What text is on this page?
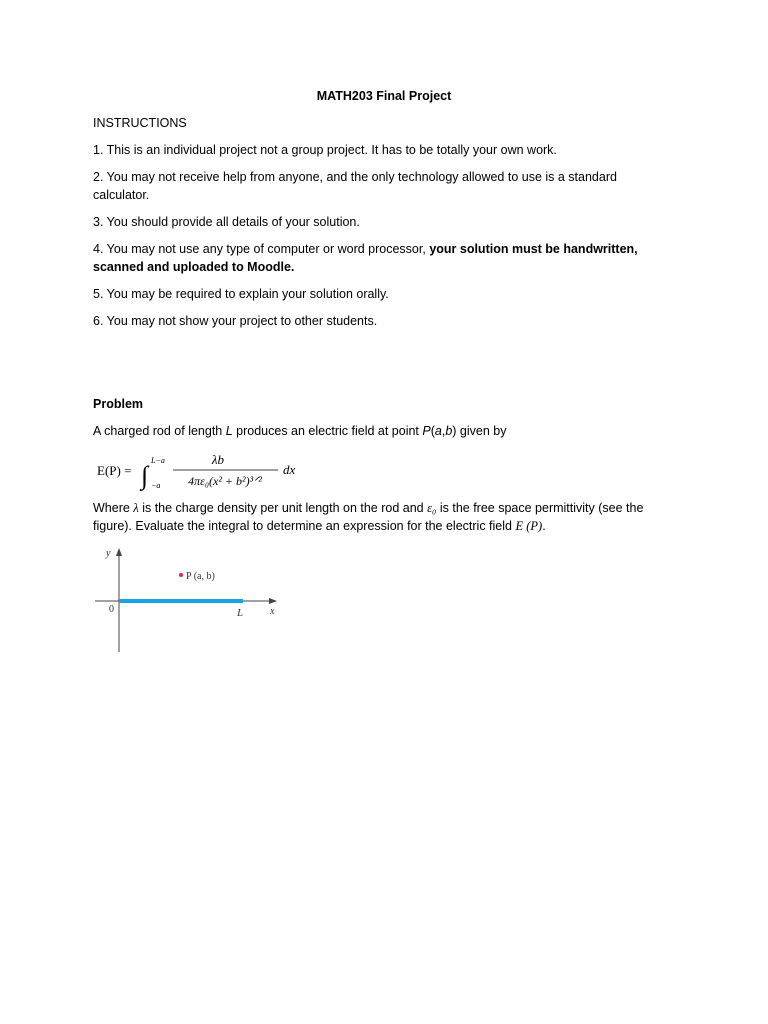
MATH203 Final Project
INSTRUCTIONS
1. This is an individual project not a group project. It has to be totally your own work.
2. You may not receive help from anyone, and the only technology allowed to use is a standard calculator.
3. You should provide all details of your solution.
4. You may not use any type of computer or word processor, your solution must be handwritten, scanned and uploaded to Moodle.
5. You may be required to explain your solution orally.
6. You may not show your project to other students.
Problem
A charged rod of length L produces an electric field at point P(a,b) given by
E(P) = ∫
L−a
−a
λb
4πε₀(x² + b²)³ᐟ²
dx
Where λ is the charge density per unit length on the rod and ε₀ is the free space permittivity (see the figure). Evaluate the integral to determine an expression for the electric field E (P).
y
x
0	L
P (a, b)
